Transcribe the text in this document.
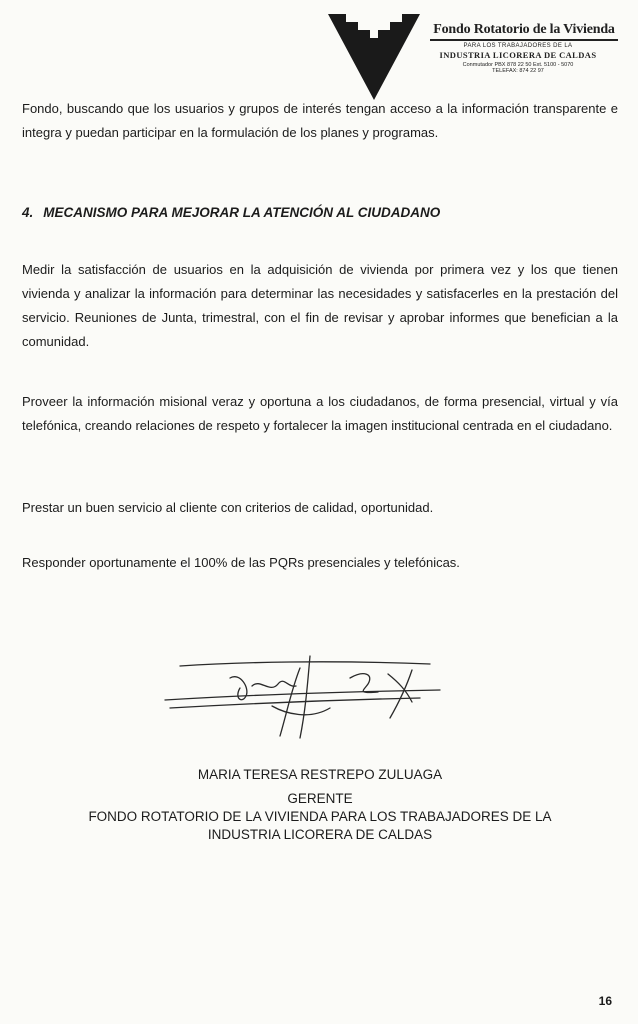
Fondo Rotatorio de la Vivienda
PARA LOS TRABAJADORES DE LA
INDUSTRIA LICORERA DE CALDAS
Conmutador PBX 878 22 50 Ext. 5100 - 5070
TELEFAX: 874 22 97

Fondo, buscando que los usuarios y grupos de interés tengan acceso a la información transparente e integra y puedan participar en la formulación de los planes y programas.

4. MECANISMO PARA MEJORAR LA ATENCIÓN AL CIUDADANO

Medir la satisfacción de usuarios en la adquisición de vivienda por primera vez y los que tienen vivienda y analizar la información para determinar las necesidades y satisfacerles en la prestación del servicio. Reuniones de Junta, trimestral, con el fin de revisar y aprobar informes que benefician a la comunidad.

Proveer la información misional veraz y oportuna a los ciudadanos, de forma presencial, virtual y vía telefónica, creando relaciones de respeto y fortalecer la imagen institucional centrada en el ciudadano.

Prestar un buen servicio al cliente con criterios de calidad, oportunidad.

Responder oportunamente el 100% de las PQRs presenciales y telefónicas.

MARIA TERESA RESTREPO ZULUAGA
GERENTE
FONDO ROTATORIO DE LA VIVIENDA PARA LOS TRABAJADORES DE LA
INDUSTRIA LICORERA DE CALDAS
16
